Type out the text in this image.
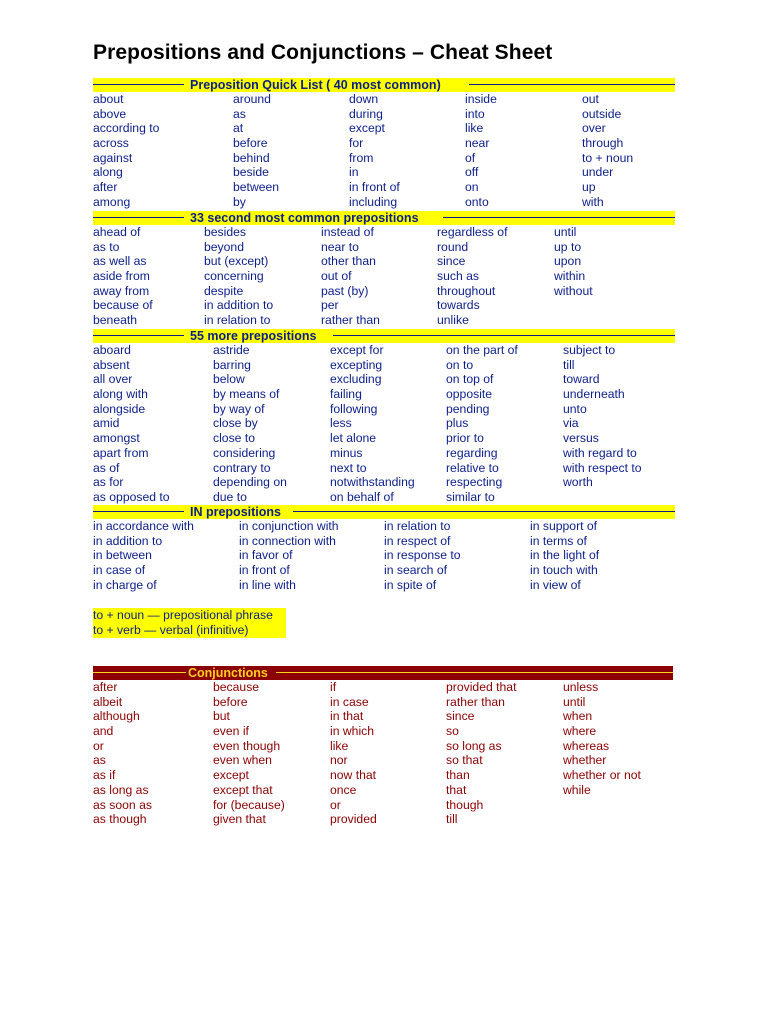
Prepositions and Conjunctions – Cheat Sheet
Preposition Quick List ( 40 most common)
about	around	down	inside	out
above	as	during	into	outside
according to	at	except	like	over
across	before	for	near	through
against	behind	from	of	to + noun
along	beside	in	off	under
after	between	in front of	on	up
among	by	including	onto	with
33 second most common prepositions
ahead of	besides	instead of	regardless of	until
as to	beyond	near to	round	up to
as well as	but (except)	other than	since	upon
aside from	concerning	out of	such as	within
away from	despite	past (by)	throughout	without
because of	in addition to	per	towards
beneath	in relation to	rather than	unlike
55 more prepositions
aboard	astride	except for	on the part of	subject to
absent	barring	excepting	on to	till
all over	below	excluding	on top of	toward
along with	by means of	failing	opposite	underneath
alongside	by way of	following	pending	unto
amid	close by	less	plus	via
amongst	close to	let alone	prior to	versus
apart from	considering	minus	regarding	with regard to
as of	contrary to	next to	relative to	with respect to
as for	depending on	notwithstanding	respecting	worth
as opposed to	due to	on behalf of	similar to
IN prepositions
in accordance with	in conjunction with	in relation to	in support of
in addition to	in connection with	in respect of	in terms of
in between	in favor of	in response to	in the light of
in case of	in front of	in search of	in touch with
in charge of	in line with	in spite of	in view of
to + noun — prepositional phrase
to + verb — verbal (infinitive)
Conjunctions
after	because	if	provided that	unless
albeit	before	in case	rather than	until
although	but	in that	since	when
and	even if	in which	so	where
or	even though	like	so long as	whereas
as	even when	nor	so that	whether
as if	except	now that	than	whether or not
as long as	except that	once	that	while
as soon as	for (because)	or	though
as though	given that	provided	till
